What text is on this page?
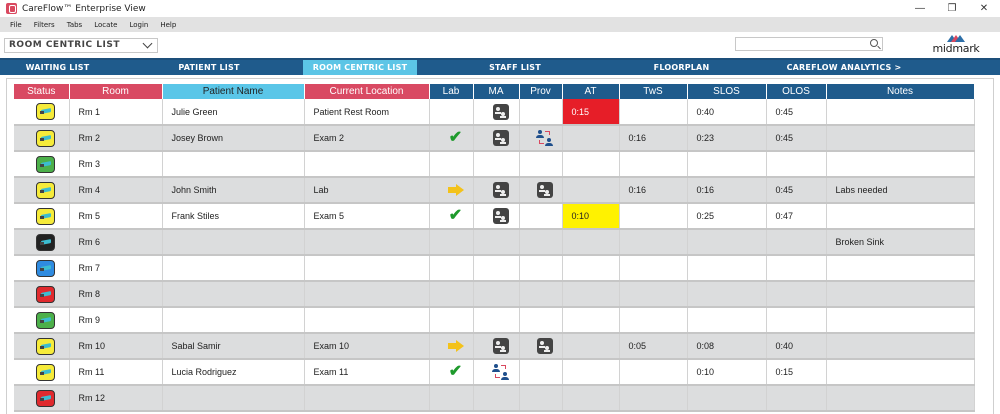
CareFlow™ Enterprise View	—	❐	✕
File	Filters	Tabs	Locate	Login	Help
ROOM CENTRIC LIST	midmark
WAITING LIST	PATIENT LIST	ROOM CENTRIC LIST	STAFF LIST	FLOORPLAN	CAREFLOW ANALYTICS >
Status	Room	Patient Name	Current Location	Lab	MA	Prov	AT	TwS	SLOS	OLOS	Notes
	Rm 1	Julie Green	Patient Rest Room				0:15		0:40	0:45	
	Rm 2	Josey Brown	Exam 2	✔				0:16	0:23	0:45	
	Rm 3										
	Rm 4	John Smith	Lab					0:16	0:16	0:45	Labs needed
	Rm 5	Frank Stiles	Exam 5	✔			0:10		0:25	0:47	
	Rm 6										Broken Sink
	Rm 7										
	Rm 8										
	Rm 9										
	Rm 10	Sabal Samir	Exam 10					0:05	0:08	0:40	
	Rm 11	Lucia Rodriguez	Exam 11	✔					0:10	0:15	
	Rm 12										
